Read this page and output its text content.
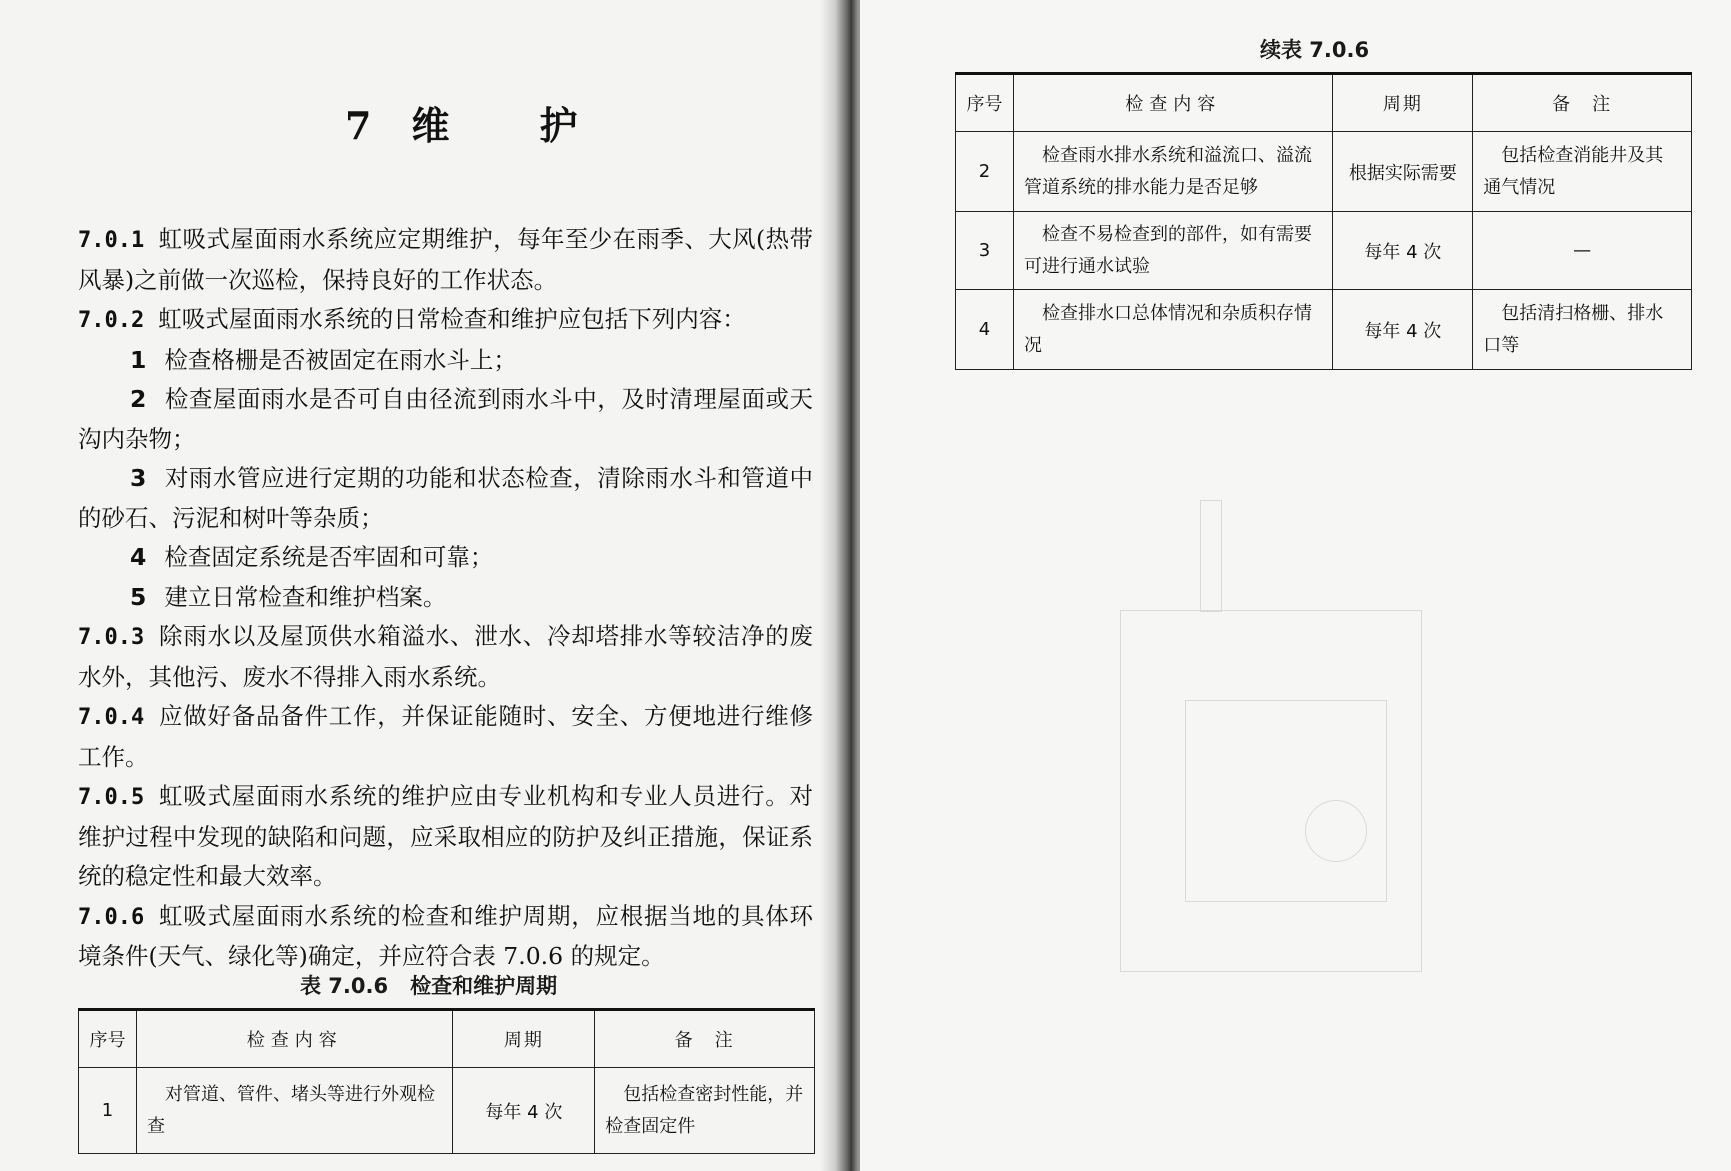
7 维 护

7.0.1 虹吸式屋面雨水系统应定期维护，每年至少在雨季、大风(热带风暴)之前做一次巡检，保持良好的工作状态。

7.0.2 虹吸式屋面雨水系统的日常检查和维护应包括下列内容：

1 检查格栅是否被固定在雨水斗上；

2 检查屋面雨水是否可自由径流到雨水斗中，及时清理屋面或天沟内杂物；

3 对雨水管应进行定期的功能和状态检查，清除雨水斗和管道中的砂石、污泥和树叶等杂质；

4 检查固定系统是否牢固和可靠；

5 建立日常检查和维护档案。

7.0.3 除雨水以及屋顶供水箱溢水、泄水、冷却塔排水等较洁净的废水外，其他污、废水不得排入雨水系统。

7.0.4 应做好备品备件工作，并保证能随时、安全、方便地进行维修工作。

7.0.5 虹吸式屋面雨水系统的维护应由专业机构和专业人员进行。对维护过程中发现的缺陷和问题，应采取相应的防护及纠正措施，保证系统的稳定性和最大效率。

7.0.6 虹吸式屋面雨水系统的检查和维护周期，应根据当地的具体环境条件(天气、绿化等)确定，并应符合表 7.0.6 的规定。

表 7.0.6 检查和维护周期
序号	检查内容	周期	备　注
1	　对管道、管件、堵头等进行外观检查	每年 4 次	　包括检查密封性能，并检查固定件
续表 7.0.6
序号	检查内容	周期	备　注
2	　检查雨水排水系统和溢流口、溢流管道系统的排水能力是否足够	根据实际需要	　包括检查消能井及其通气情况
3	　检查不易检查到的部件，如有需要可进行通水试验	每年 4 次	—
4	　检查排水口总体情况和杂质积存情况	每年 4 次	　包括清扫格栅、排水口等
